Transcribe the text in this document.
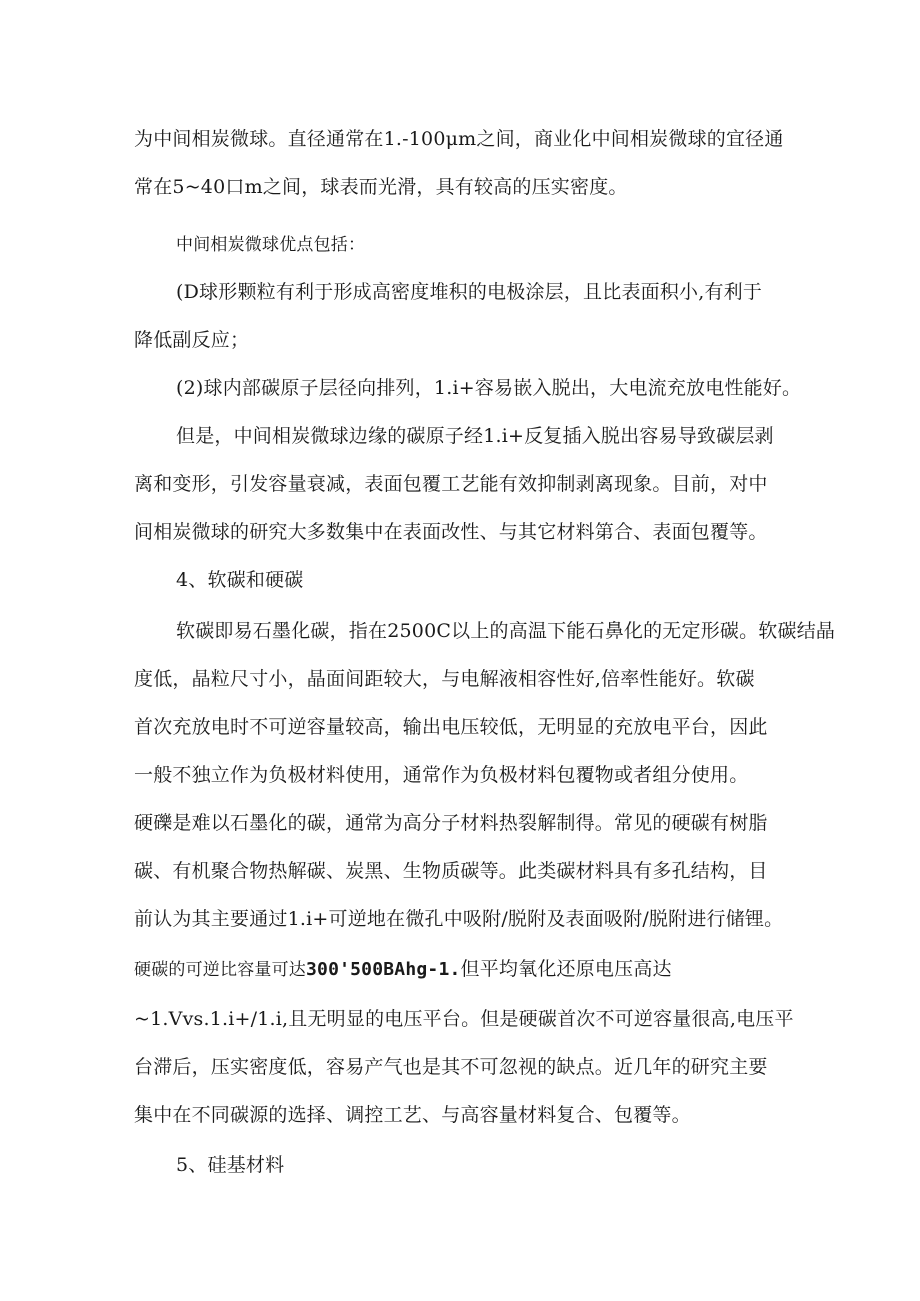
为中间相炭微球。直径通常在1.-100μm之间，商业化中间相炭微球的宜径通
常在5~40口m之间，球表而光滑，具有较高的压实密度。
中间相炭微球优点包括：
(D球形颗粒有利于形成高密度堆积的电极涂层，且比表面积小,有利于
降低副反应；
(2)球内部碳原子层径向排列，1.i+容易嵌入脱出，大电流充放电性能好。
但是，中间相炭微球边缘的碳原子经1.i+反复插入脱出容易导致碳层剥
离和变形，引发容量衰减，表面包覆工艺能有效抑制剥离现象。目前，对中
间相炭微球的研究大多数集中在表面改性、与其它材料第合、表面包覆等。
4、软碳和硬碳
软碳即易石墨化碳，指在2500C以上的高温下能石鼻化的无定形碳。软碳结晶
度低，晶粒尺寸小，晶面间距较大，与电解液相容性好,倍率性能好。软碳
首次充放电时不可逆容量较高，输出电压较低，无明显的充放电平台，因此
一般不独立作为负极材料使用，通常作为负极材料包覆物或者组分使用。
硬礫是难以石墨化的碳，通常为高分子材料热裂解制得。常见的硬碳有树脂
碳、有机聚合物热解碳、炭黑、生物质碳等。此类碳材料具有多孔结构，目
前认为其主要通过1.i+可逆地在微孔中吸附/脱附及表面吸附/脱附进行储锂。
硬碳的可逆比容量可达300'500BAhg-1.但平均氧化还原电压高达
~1.Vvs.1.i+/1.i,且无明显的电压平台。但是硬碳首次不可逆容量很高,电压平
台滞后，压实密度低，容易产气也是其不可忽视的缺点。近几年的研究主要
集中在不同碳源的选择、调控工艺、与高容量材料复合、包覆等。
5、硅基材料
